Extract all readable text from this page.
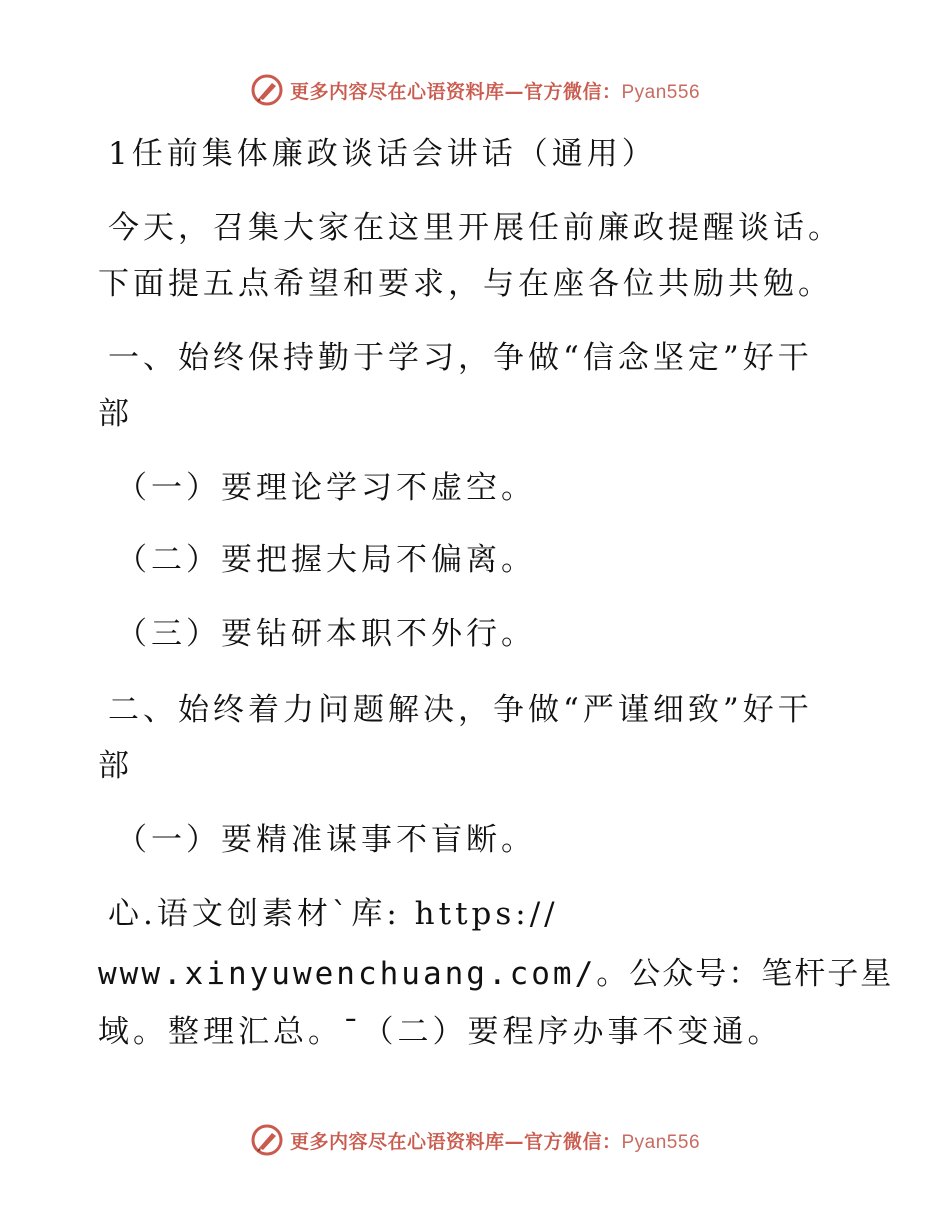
更多内容尽在心语资料库—官方微信：Pyan556

1任前集体廉政谈话会讲话（通用）

今天，召集大家在这里开展任前廉政提醒谈话。

下面提五点希望和要求，与在座各位共励共勉。

一、始终保持勤于学习，争做“信念坚定”好干

部

（一）要理论学习不虚空。

（二）要把握大局不偏离。

（三）要钻研本职不外行。

二、始终着力问题解决，争做“严谨细致”好干

部

（一）要精准谋事不盲断。

心.语文创素材`库: https://

www.xinyuwenchuang.com/。公众号：笔杆子星

域。整理汇总。¯（二）要程序办事不变通。

更多内容尽在心语资料库—官方微信：Pyan556
